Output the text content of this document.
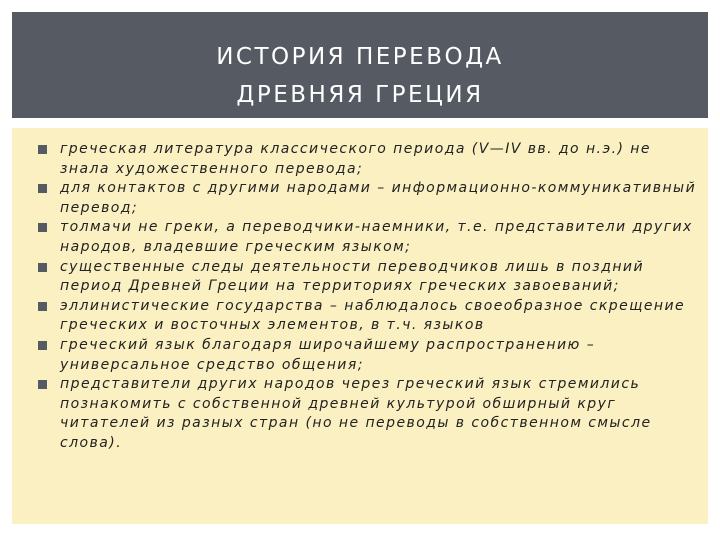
ИСТОРИЯ ПЕРЕВОДА
ДРЕВНЯЯ ГРЕЦИЯ
греческая литература классического периода (V—IV вв. до н.э.) не знала художественного перевода;
для контактов с другими народами – информационно-коммуникативный перевод;
толмачи не греки, а переводчики-наемники, т.е. представители других народов, владевшие греческим языком;
существенные следы деятельности переводчиков лишь в поздний период Древней Греции на территориях греческих завоеваний;
эллинистические государства – наблюдалось своеобразное скрещение греческих и восточных элементов, в т.ч. языков
греческий язык благодаря широчайшему распространению – универсальное средство общения;
представители других народов через греческий язык стремились познакомить с собственной древней культурой обширный круг читателей из разных стран (но не переводы в собственном смысле слова).
